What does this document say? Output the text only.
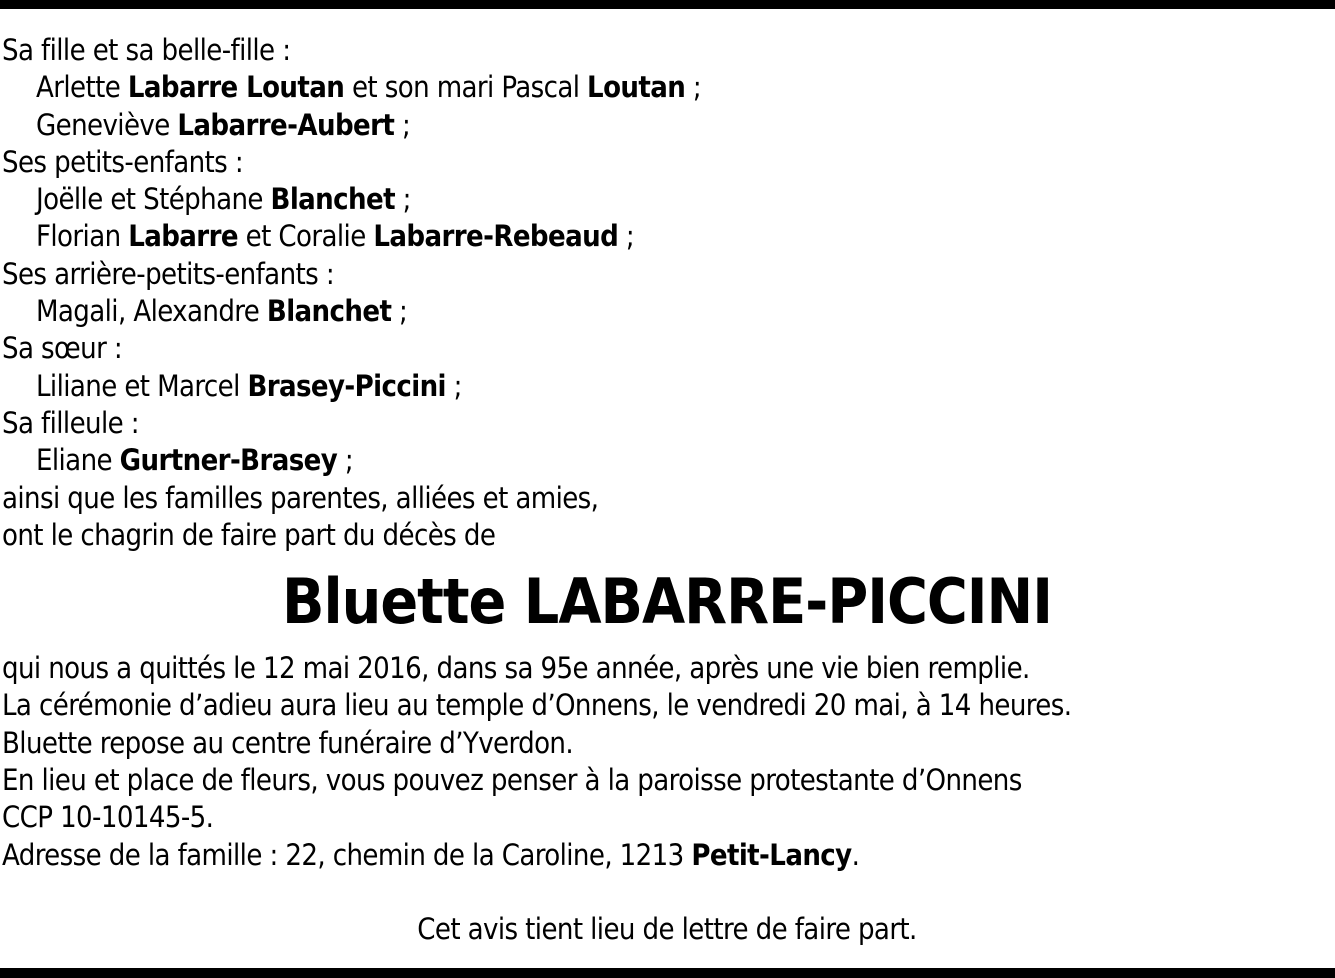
Sa fille et sa belle-fille :
Arlette Labarre Loutan et son mari Pascal Loutan ;
Geneviève Labarre-Aubert ;
Ses petits-enfants :
Joëlle et Stéphane Blanchet ;
Florian Labarre et Coralie Labarre-Rebeaud ;
Ses arrière-petits-enfants :
Magali, Alexandre Blanchet ;
Sa sœur :
Liliane et Marcel Brasey-Piccini ;
Sa filleule :
Eliane Gurtner-Brasey ;
ainsi que les familles parentes, alliées et amies,
ont le chagrin de faire part du décès de
Bluette LABARRE-PICCINI
qui nous a quittés le 12 mai 2016, dans sa 95e année, après une vie bien remplie.
La cérémonie d’adieu aura lieu au temple d’Onnens, le vendredi 20 mai, à 14 heures.
Bluette repose au centre funéraire d’Yverdon.
En lieu et place de fleurs, vous pouvez penser à la paroisse protestante d’Onnens
CCP 10-10145-5.
Adresse de la famille : 22, chemin de la Caroline, 1213 Petit-Lancy.
Cet avis tient lieu de lettre de faire part.
